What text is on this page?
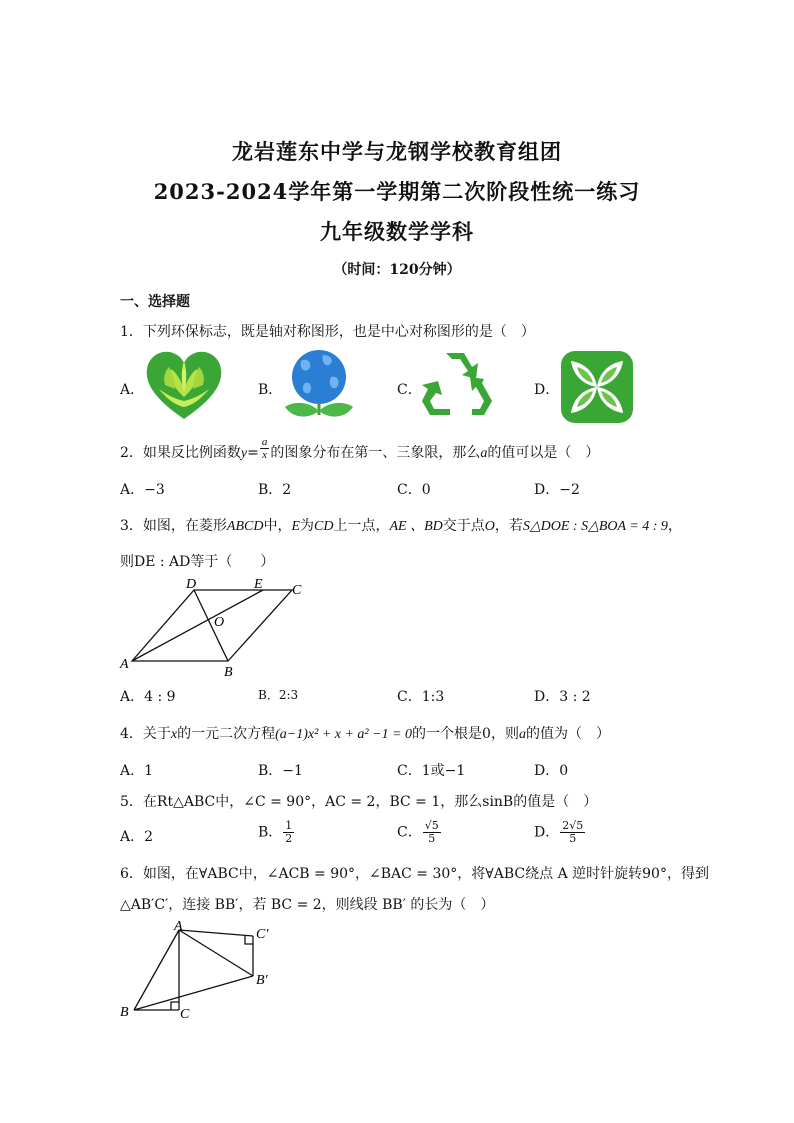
龙岩莲东中学与龙钢学校教育组团
2023-2024学年第一学期第二次阶段性统一练习
九年级数学学科
（时间：120分钟）
一、选择题
1．下列环保标志，既是轴对称图形，也是中心对称图形的是（　）
A．	B．	C．	D．
2．如果反比例函数$y= \frac{a}{x}$ 的图象分布在第一、三象限，那么a的值可以是（　）
A．−3	B．2	C．0	D．−2
3．如图，在菱形ABCD中，E为CD上一点，AE 、BD交于点O，若S△DOE : S△BOA = 4 : 9，
则DE : AD等于（　　）
A
B
C
D	E
O
A．4 : 9	B．2:3	C．1:3	D．3 : 2
4．关于x的一元二次方程(a−1)x² + x + a² −1 = 0的一个根是0，则a的值为（　）
A．1	B．−1	C．1或−1	D．0
5．在Rt△ABC中，∠C = 90°，AC = 2，BC = 1，那么sinB的值是（　）
A．2	B． $\frac{1}{2}$	C． $\frac{√5}{5}$	D． $\frac{2√5}{5}$
6．如图，在∀ABC中，∠ACB = 90°，∠BAC = 30°，将∀ABC绕点 A 逆时针旋转90°，得到
△AB′C′，连接 BB′，若 BC = 2，则线段 BB′ 的长为（　）
A
B	C
B′
C′
